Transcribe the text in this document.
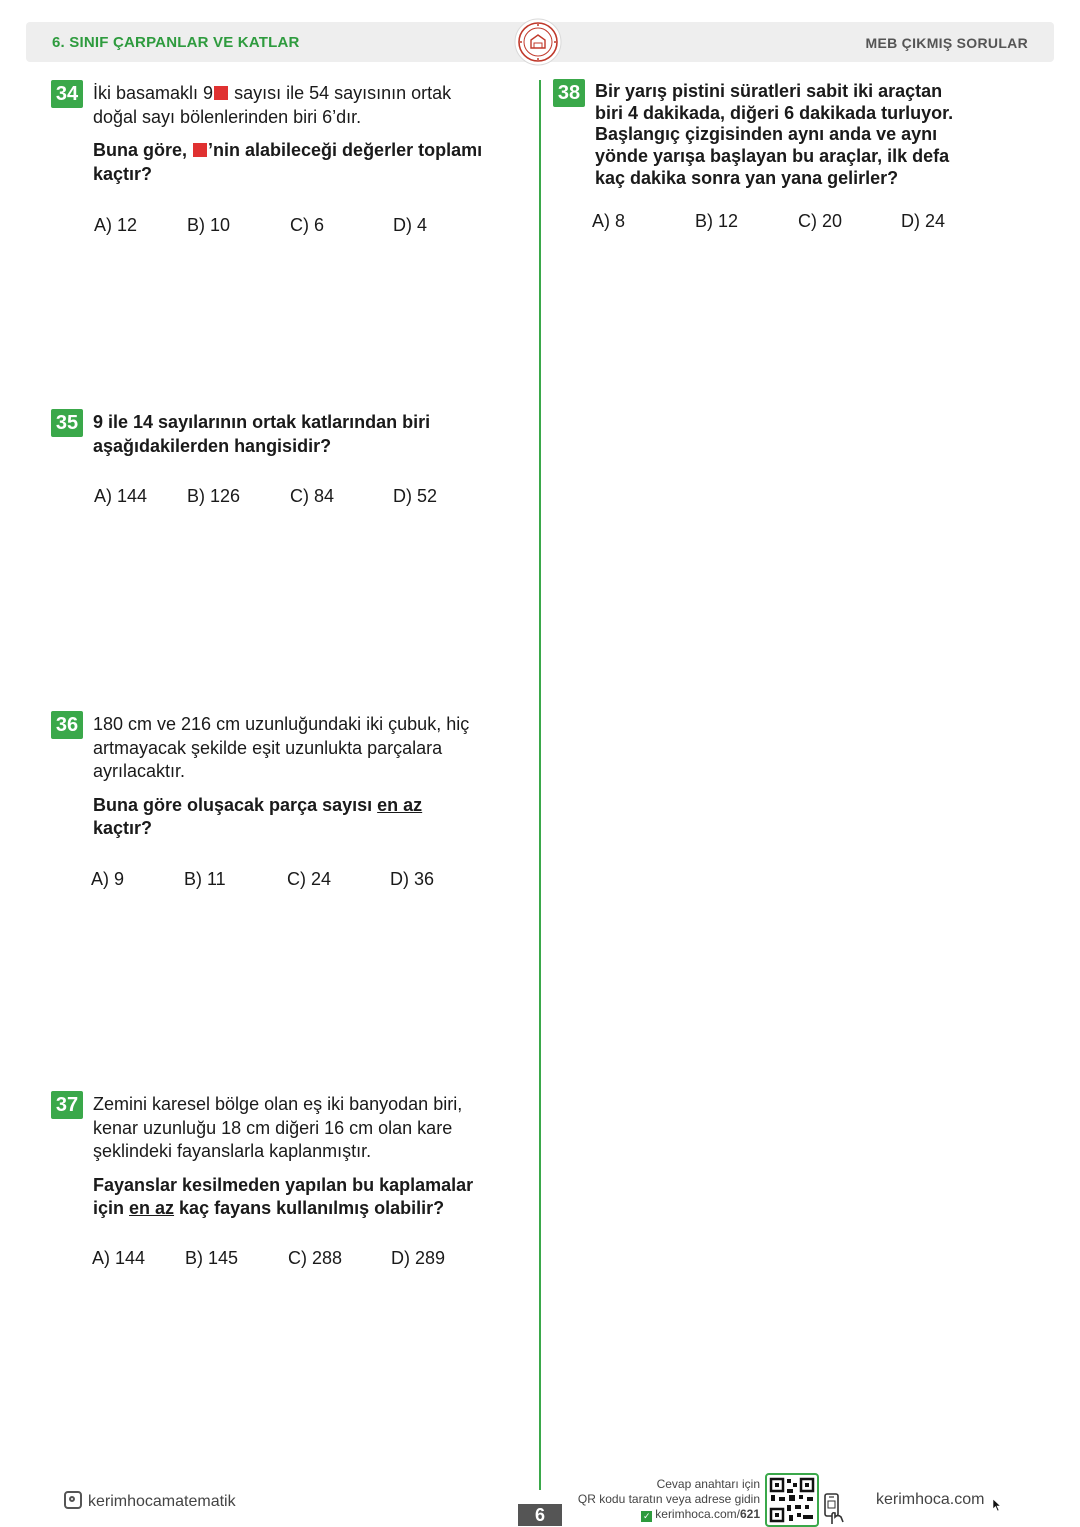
6. SINIF ÇARPANLAR VE KATLAR	MEB ÇIKMIŞ SORULAR
34 İki basamaklı 9 sayısı ile 54 sayısının ortak doğal sayı bölenlerinden biri 6’dır.

Buna göre, ’nin alabileceği değerler toplamı kaçtır?

A) 12	B) 10	C) 6	D) 4
35 9 ile 14 sayılarının ortak katlarından biri aşağıdakilerden hangisidir?

A) 144 B) 126	C) 84	D) 52
36 180 cm ve 216 cm uzunluğundaki iki çubuk, hiç artmayacak şekilde eşit uzunlukta parçalara ayrılacaktır.

Buna göre oluşacak parça sayısı en az kaçtır?

A) 9	B) 11	C) 24	D) 36
37 Zemini karesel bölge olan eş iki banyodan biri, kenar uzunluğu 18 cm diğeri 16 cm olan kare şeklindeki fayanslarla kaplanmıştır.

Fayanslar kesilmeden yapılan bu kaplamalar için en az kaç fayans kullanılmış olabilir?

A) 144 B) 145	C) 288	D) 289
38 Bir yarış pistini süratleri sabit iki araçtan biri 4 dakikada, diğeri 6 dakikada turluyor. Başlangıç çizgisinden aynı anda ve aynı yönde yarışa başlayan bu araçlar, ilk defa kaç dakika sonra yan yana gelirler?

A) 8	B) 12	C) 20	D) 24
kerimhocamatematik
6
Cevap anahtarı için
QR kodu taratın veya adrese gidin
✓ kerimhoca.com/621
kerimhoca.com
